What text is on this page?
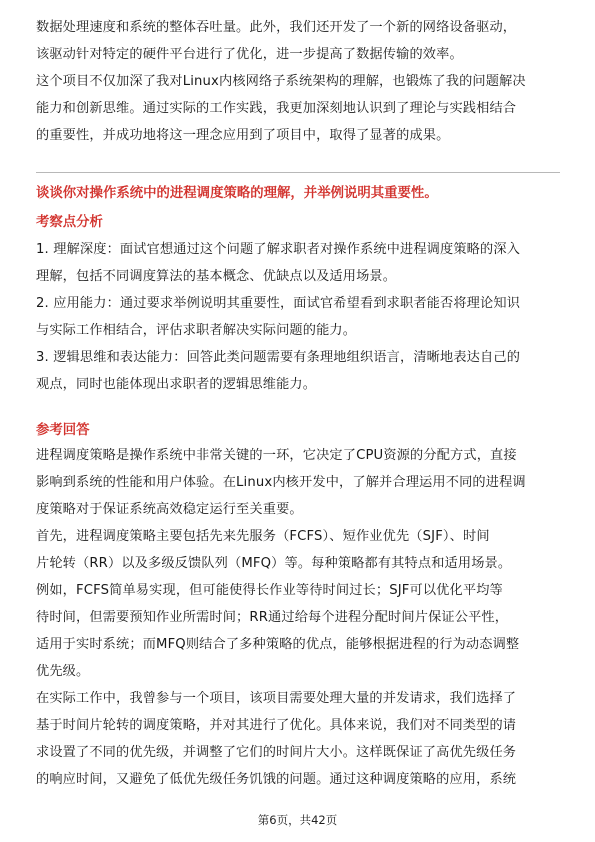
数据处理速度和系统的整体吞吐量。此外，我们还开发了一个新的网络设备驱动，
该驱动针对特定的硬件平台进行了优化，进一步提高了数据传输的效率。
这个项目不仅加深了我对Linux内核网络子系统架构的理解，也锻炼了我的问题解决
能力和创新思维。通过实际的工作实践，我更加深刻地认识到了理论与实践相结合
的重要性，并成功地将这一理念应用到了项目中，取得了显著的成果。

谈谈你对操作系统中的进程调度策略的理解，并举例说明其重要性。
考察点分析

1. 理解深度：面试官想通过这个问题了解求职者对操作系统中进程调度策略的深入
理解，包括不同调度算法的基本概念、优缺点以及适用场景。
2. 应用能力：通过要求举例说明其重要性，面试官希望看到求职者能否将理论知识
与实际工作相结合，评估求职者解决实际问题的能力。
3. 逻辑思维和表达能力：回答此类问题需要有条理地组织语言，清晰地表达自己的
观点，同时也能体现出求职者的逻辑思维能力。

参考回答

进程调度策略是操作系统中非常关键的一环，它决定了CPU资源的分配方式，直接
影响到系统的性能和用户体验。在Linux内核开发中，了解并合理运用不同的进程调
度策略对于保证系统高效稳定运行至关重要。
首先，进程调度策略主要包括先来先服务（FCFS）、短作业优先（SJF）、时间
片轮转（RR）以及多级反馈队列（MFQ）等。每种策略都有其特点和适用场景。
例如，FCFS简单易实现，但可能使得长作业等待时间过长；SJF可以优化平均等
待时间，但需要预知作业所需时间；RR通过给每个进程分配时间片保证公平性，
适用于实时系统；而MFQ则结合了多种策略的优点，能够根据进程的行为动态调整
优先级。
在实际工作中，我曾参与一个项目，该项目需要处理大量的并发请求，我们选择了
基于时间片轮转的调度策略，并对其进行了优化。具体来说，我们对不同类型的请
求设置了不同的优先级，并调整了它们的时间片大小。这样既保证了高优先级任务
的响应时间，又避免了低优先级任务饥饿的问题。通过这种调度策略的应用，系统

第6页，共42页
